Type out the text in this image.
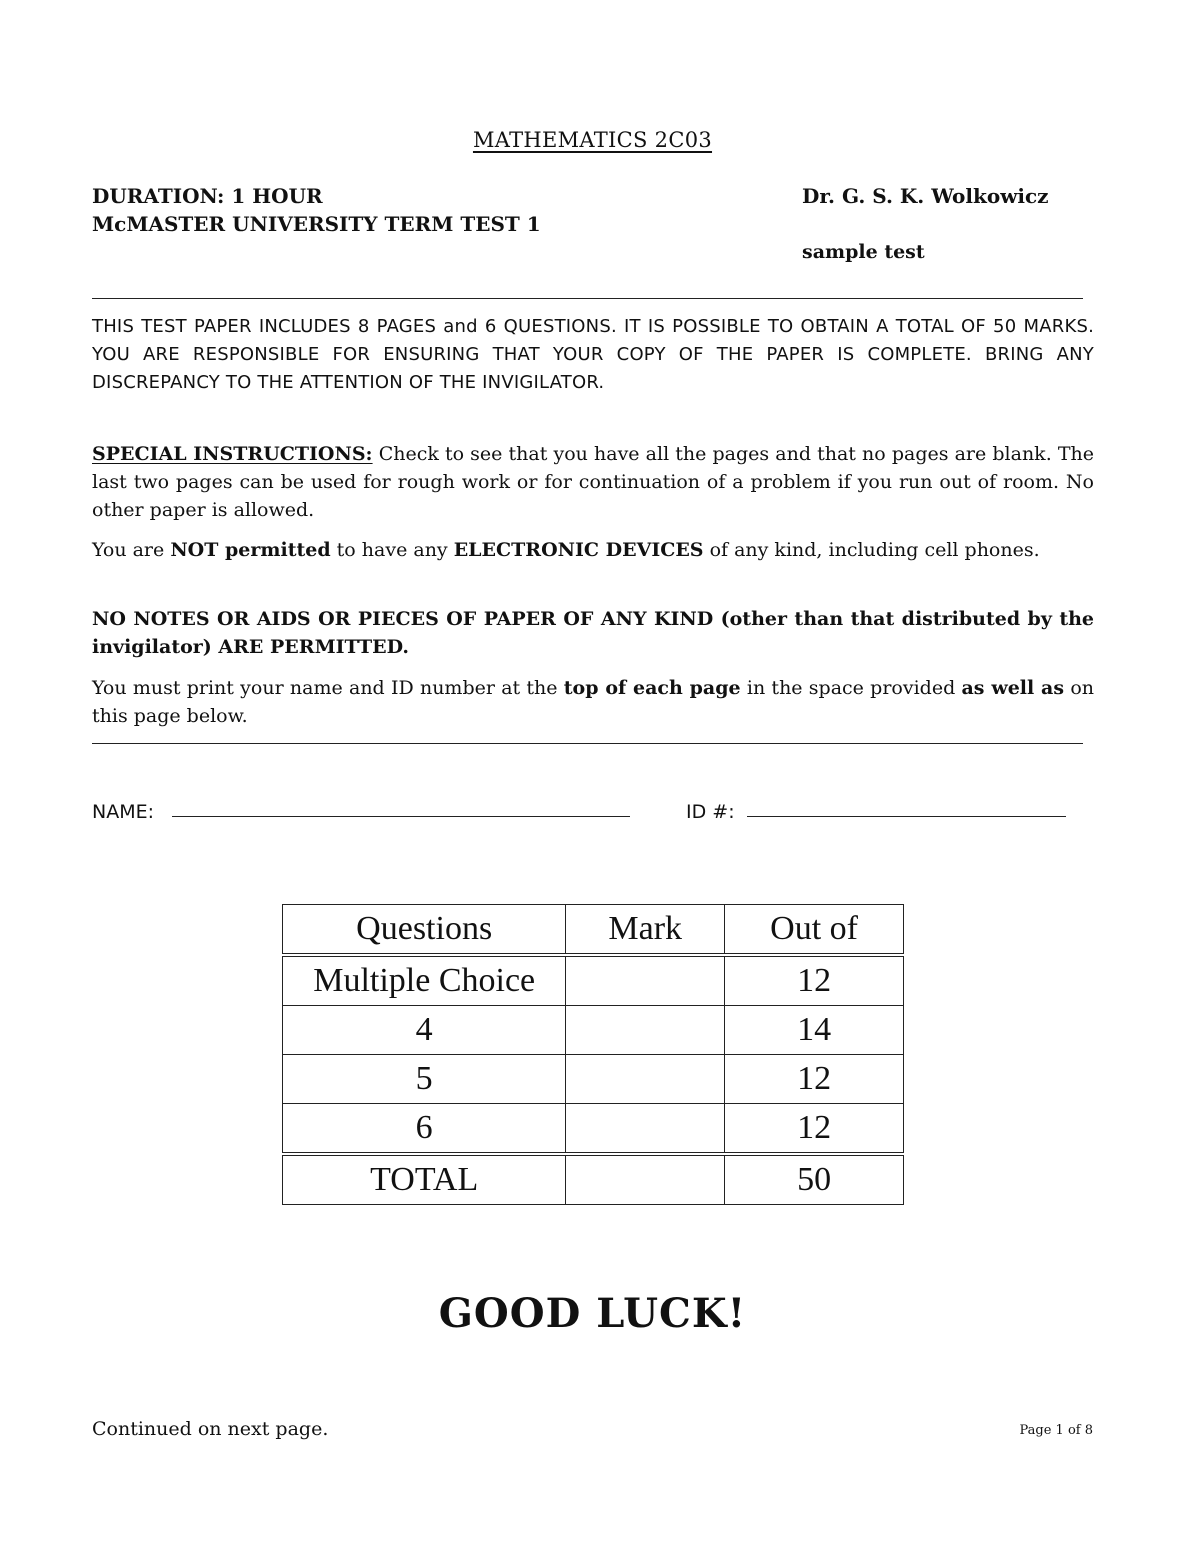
MATHEMATICS 2C03
DURATION: 1 HOUR
McMASTER UNIVERSITY TERM TEST 1
Dr. G. S. K. Wolkowicz
sample test
THIS TEST PAPER INCLUDES 8 PAGES and 6 QUESTIONS. IT IS POSSIBLE TO OBTAIN A TOTAL OF 50 MARKS. YOU ARE RESPONSIBLE FOR ENSURING THAT YOUR COPY OF THE PAPER IS COMPLETE. BRING ANY DISCREPANCY TO THE ATTENTION OF THE INVIGILATOR.
SPECIAL INSTRUCTIONS: Check to see that you have all the pages and that no pages are blank. The last two pages can be used for rough work or for continuation of a problem if you run out of room. No other paper is allowed.
You are NOT permitted to have any ELECTRONIC DEVICES of any kind, including cell phones.
NO NOTES OR AIDS OR PIECES OF PAPER OF ANY KIND (other than that distributed by the invigilator) ARE PERMITTED.
You must print your name and ID number at the top of each page in the space provided as well as on this page below.
NAME:	ID #:
Questions	Mark	Out of
Multiple Choice		12
4		14
5		12
6		12
TOTAL		50
GOOD LUCK!
Continued on next page.	Page 1 of 8
